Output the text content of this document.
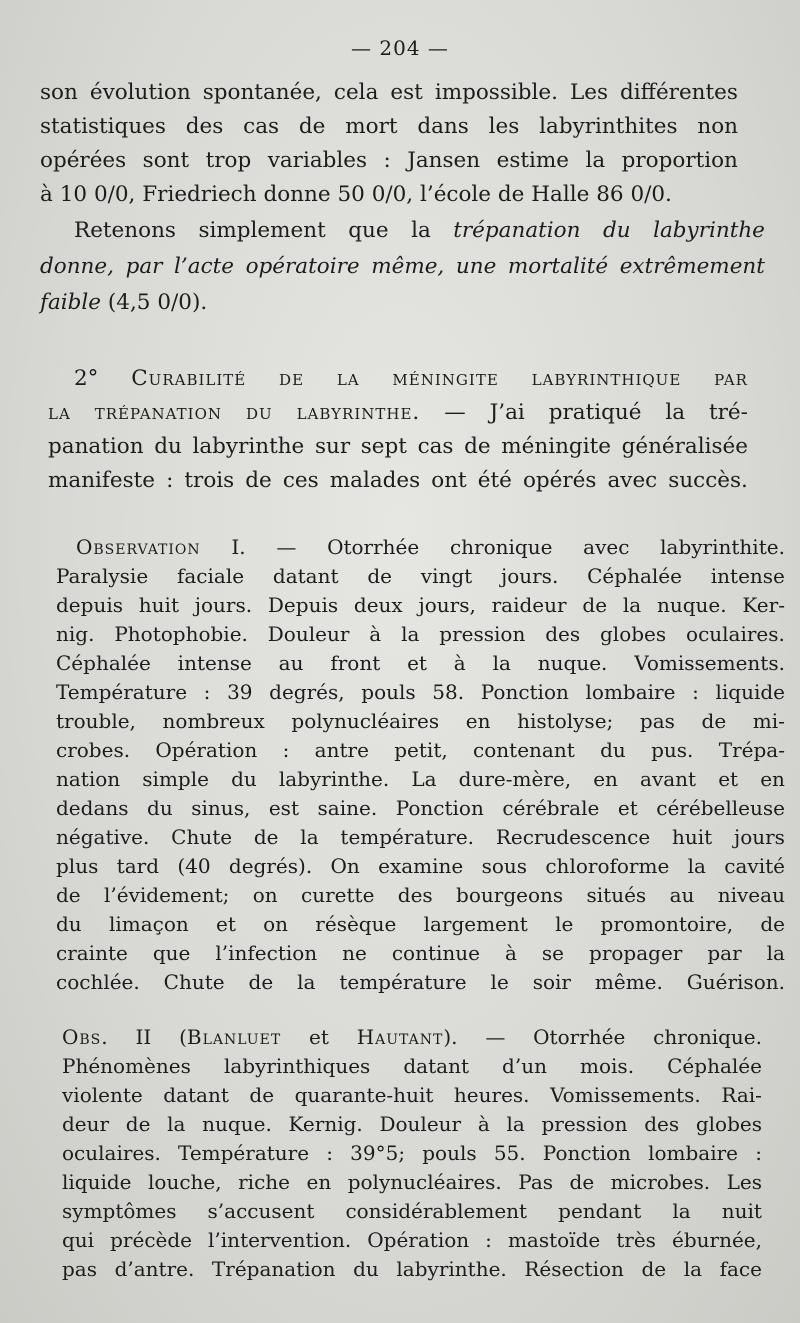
— 204 —
son évolution spontanée, cela est impossible. Les différentes
statistiques des cas de mort dans les labyrinthites non
opérées sont trop variables : Jansen estime la proportion
à 10 0/0, Friedriech donne 50 0/0, l’école de Halle 86 0/0.
Retenons simplement que la trépanation du labyrinthe
donne, par l’acte opératoire même, une mortalité extrêmement
faible (4,5 0/0).
2° Curabilité de la méningite labyrinthique par
la trépanation du labyrinthe. — J’ai pratiqué la tré-
panation du labyrinthe sur sept cas de méningite généralisée
manifeste : trois de ces malades ont été opérés avec succès.
Observation I. — Otorrhée chronique avec labyrinthite.
Paralysie faciale datant de vingt jours. Céphalée intense
depuis huit jours. Depuis deux jours, raideur de la nuque. Ker-
nig. Photophobie. Douleur à la pression des globes oculaires.
Céphalée intense au front et à la nuque. Vomissements.
Température : 39 degrés, pouls 58. Ponction lombaire : liquide
trouble, nombreux polynucléaires en histolyse; pas de mi-
crobes. Opération : antre petit, contenant du pus. Trépa-
nation simple du labyrinthe. La dure-mère, en avant et en
dedans du sinus, est saine. Ponction cérébrale et cérébelleuse
négative. Chute de la température. Recrudescence huit jours
plus tard (40 degrés). On examine sous chloroforme la cavité
de l’évidement; on curette des bourgeons situés au niveau
du limaçon et on résèque largement le promontoire, de
crainte que l’infection ne continue à se propager par la
cochlée. Chute de la température le soir même. Guérison.
Obs. II (Blanluet et Hautant). — Otorrhée chronique.
Phénomènes labyrinthiques datant d’un mois. Céphalée
violente datant de quarante-huit heures. Vomissements. Rai-
deur de la nuque. Kernig. Douleur à la pression des globes
oculaires. Température : 39°5; pouls 55. Ponction lombaire :
liquide louche, riche en polynucléaires. Pas de microbes. Les
symptômes s’accusent considérablement pendant la nuit
qui précède l’intervention. Opération : mastoïde très éburnée,
pas d’antre. Trépanation du labyrinthe. Résection de la face
